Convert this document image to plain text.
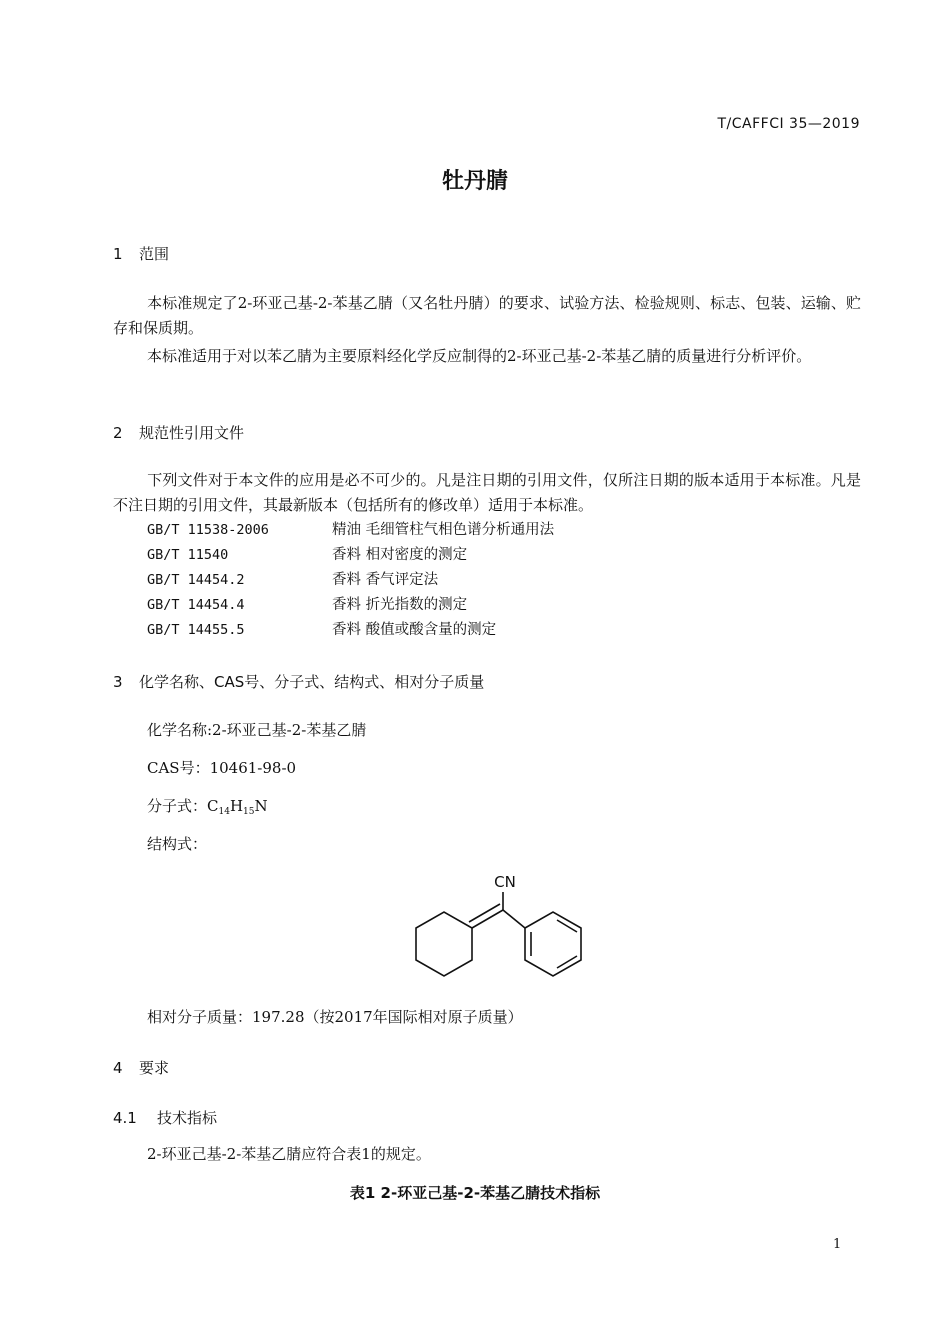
T/CAFFCI 35—2019
牡丹腈
1 范围
本标准规定了2-环亚己基-2-苯基乙腈（又名牡丹腈）的要求、试验方法、检验规则、标志、包装、运输、贮存和保质期。
本标准适用于对以苯乙腈为主要原料经化学反应制得的2-环亚己基-2-苯基乙腈的质量进行分析评价。
2 规范性引用文件
下列文件对于本文件的应用是必不可少的。凡是注日期的引用文件，仅所注日期的版本适用于本标准。凡是不注日期的引用文件，其最新版本（包括所有的修改单）适用于本标准。
GB/T 11538-2006	精油 毛细管柱气相色谱分析通用法
GB/T 11540	香料 相对密度的测定
GB/T 14454.2	香料 香气评定法
GB/T 14454.4	香料 折光指数的测定
GB/T 14455.5	香料 酸值或酸含量的测定
3 化学名称、CAS号、分子式、结构式、相对分子质量
化学名称:2-环亚己基-2-苯基乙腈
CAS号：10461-98-0
分子式：$C_{14}H_{15}N$
结构式：
CN
相对分子质量：197.28（按2017年国际相对原子质量）
4 要求
4.1 技术指标
2-环亚己基-2-苯基乙腈应符合表1的规定。
表1 2-环亚己基-2-苯基乙腈技术指标
1
